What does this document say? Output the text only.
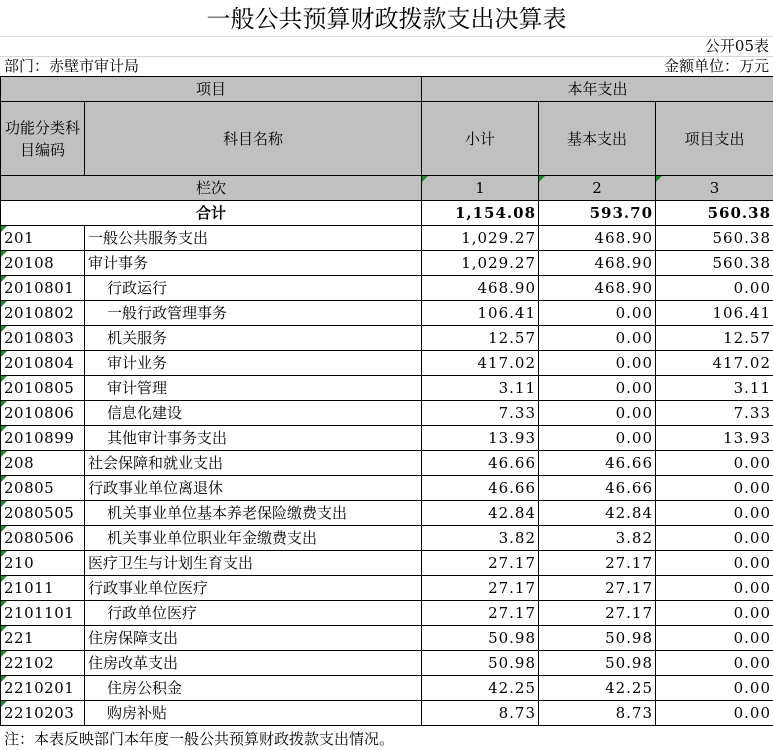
一般公共预算财政拨款支出决算表
公开05表
部门：赤壁市审计局	金额单位：万元
项目		本年支出		
功能分类科目编码	科目名称	小计	基本支出	项目支出
栏次		1	2	3
合计		1,154.08	593.70	560.38
201	一般公共服务支出	1,029.27	468.90	560.38
20108	审计事务	1,029.27	468.90	560.38
2010801	行政运行	468.90	468.90	0.00
2010802	一般行政管理事务	106.41	0.00	106.41
2010803	机关服务	12.57	0.00	12.57
2010804	审计业务	417.02	0.00	417.02
2010805	审计管理	3.11	0.00	3.11
2010806	信息化建设	7.33	0.00	7.33
2010899	其他审计事务支出	13.93	0.00	13.93
208	社会保障和就业支出	46.66	46.66	0.00
20805	行政事业单位离退休	46.66	46.66	0.00
2080505	机关事业单位基本养老保险缴费支出	42.84	42.84	0.00
2080506	机关事业单位职业年金缴费支出	3.82	3.82	0.00
210	医疗卫生与计划生育支出	27.17	27.17	0.00
21011	行政事业单位医疗	27.17	27.17	0.00
2101101	行政单位医疗	27.17	27.17	0.00
221	住房保障支出	50.98	50.98	0.00
22102	住房改革支出	50.98	50.98	0.00
2210201	住房公积金	42.25	42.25	0.00
2210203	购房补贴	8.73	8.73	0.00
注：本表反映部门本年度一般公共预算财政拨款支出情况。
